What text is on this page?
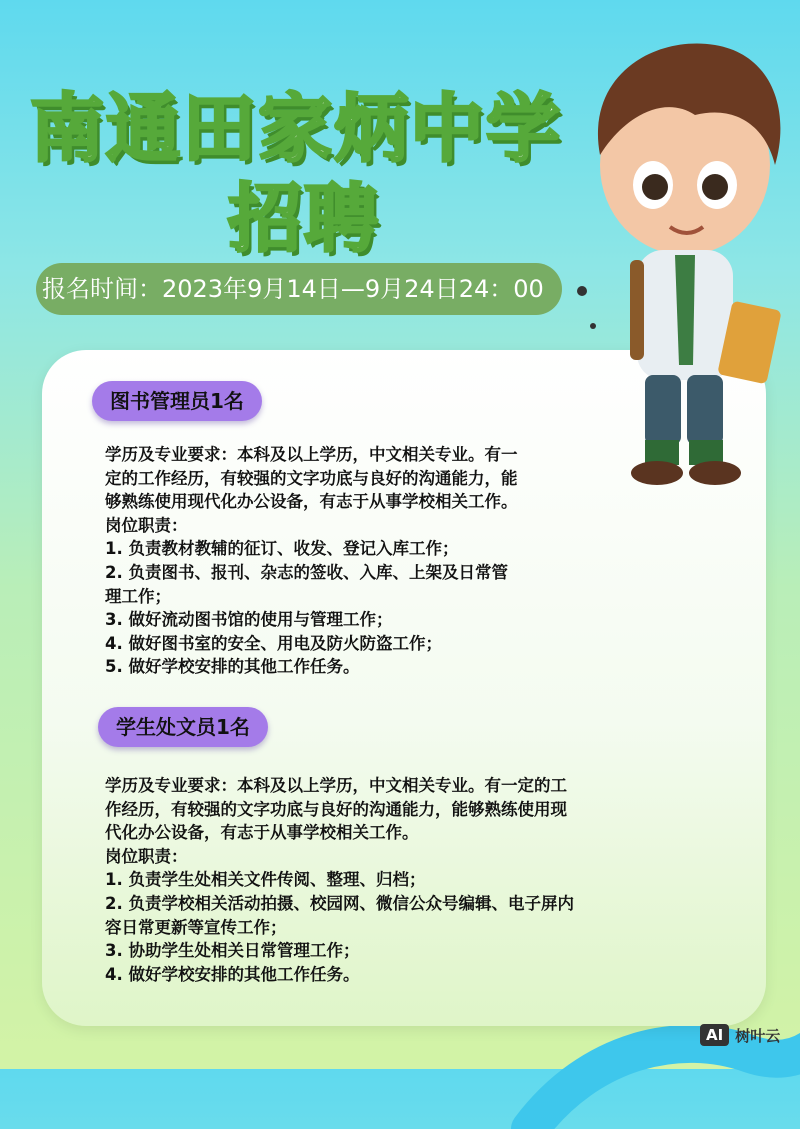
南通田家炳中学
招聘
报名时间：2023年9月14日—9月24日24：00
图书管理员1名
学历及专业要求：本科及以上学历，中文相关专业。有一
定的工作经历，有较强的文字功底与良好的沟通能力，能
够熟练使用现代化办公设备，有志于从事学校相关工作。
岗位职责：
1. 负责教材教辅的征订、收发、登记入库工作；
2. 负责图书、报刊、杂志的签收、入库、上架及日常管
理工作；
3. 做好流动图书馆的使用与管理工作；
4. 做好图书室的安全、用电及防火防盗工作；
5. 做好学校安排的其他工作任务。
学生处文员1名
学历及专业要求：本科及以上学历，中文相关专业。有一定的工
作经历，有较强的文字功底与良好的沟通能力，能够熟练使用现
代化办公设备，有志于从事学校相关工作。
岗位职责：
1. 负责学生处相关文件传阅、整理、归档；
2. 负责学校相关活动拍摄、校园网、微信公众号编辑、电子屏内
容日常更新等宣传工作；
3. 协助学生处相关日常管理工作；
4. 做好学校安排的其他工作任务。
AI 树叶云
